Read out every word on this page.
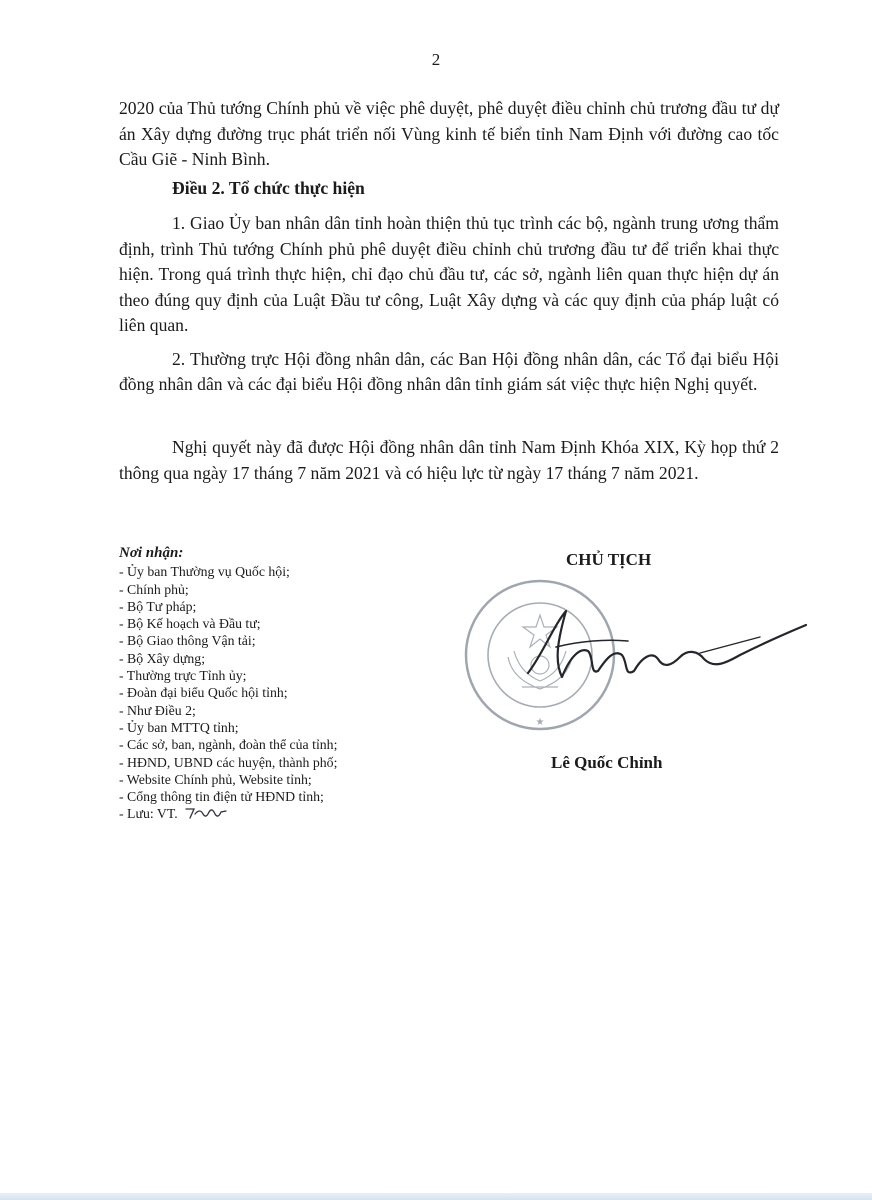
2
2020 của Thủ tướng Chính phủ về việc phê duyệt, phê duyệt điều chỉnh chủ trương đầu tư dự án Xây dựng đường trục phát triển nối Vùng kinh tế biển tỉnh Nam Định với đường cao tốc Cầu Giẽ - Ninh Bình.
Điều 2. Tổ chức thực hiện

1. Giao Ủy ban nhân dân tỉnh hoàn thiện thủ tục trình các bộ, ngành trung ương thẩm định, trình Thủ tướng Chính phủ phê duyệt điều chỉnh chủ trương đầu tư để triển khai thực hiện. Trong quá trình thực hiện, chỉ đạo chủ đầu tư, các sở, ngành liên quan thực hiện dự án theo đúng quy định của Luật Đầu tư công, Luật Xây dựng và các quy định của pháp luật có liên quan.

2. Thường trực Hội đồng nhân dân, các Ban Hội đồng nhân dân, các Tổ đại biểu Hội đồng nhân dân và các đại biểu Hội đồng nhân dân tỉnh giám sát việc thực hiện Nghị quyết.

Nghị quyết này đã được Hội đồng nhân dân tỉnh Nam Định Khóa XIX, Kỳ họp thứ 2 thông qua ngày 17 tháng 7 năm 2021 và có hiệu lực từ ngày 17 tháng 7 năm 2021.

Nơi nhận:
- Ủy ban Thường vụ Quốc hội;
- Chính phủ;
- Bộ Tư pháp;
- Bộ Kế hoạch và Đầu tư;
- Bộ Giao thông Vận tải;
- Bộ Xây dựng;
- Thường trực Tỉnh ủy;
- Đoàn đại biểu Quốc hội tỉnh;
- Như Điều 2;
- Ủy ban MTTQ tỉnh;
- Các sở, ban, ngành, đoàn thể của tỉnh;
- HĐND, UBND các huyện, thành phố;
- Website Chính phủ, Website tỉnh;
- Cổng thông tin điện tử HĐND tỉnh;
- Lưu: VT.
CHỦ TỊCH
★
Lê Quốc Chỉnh
